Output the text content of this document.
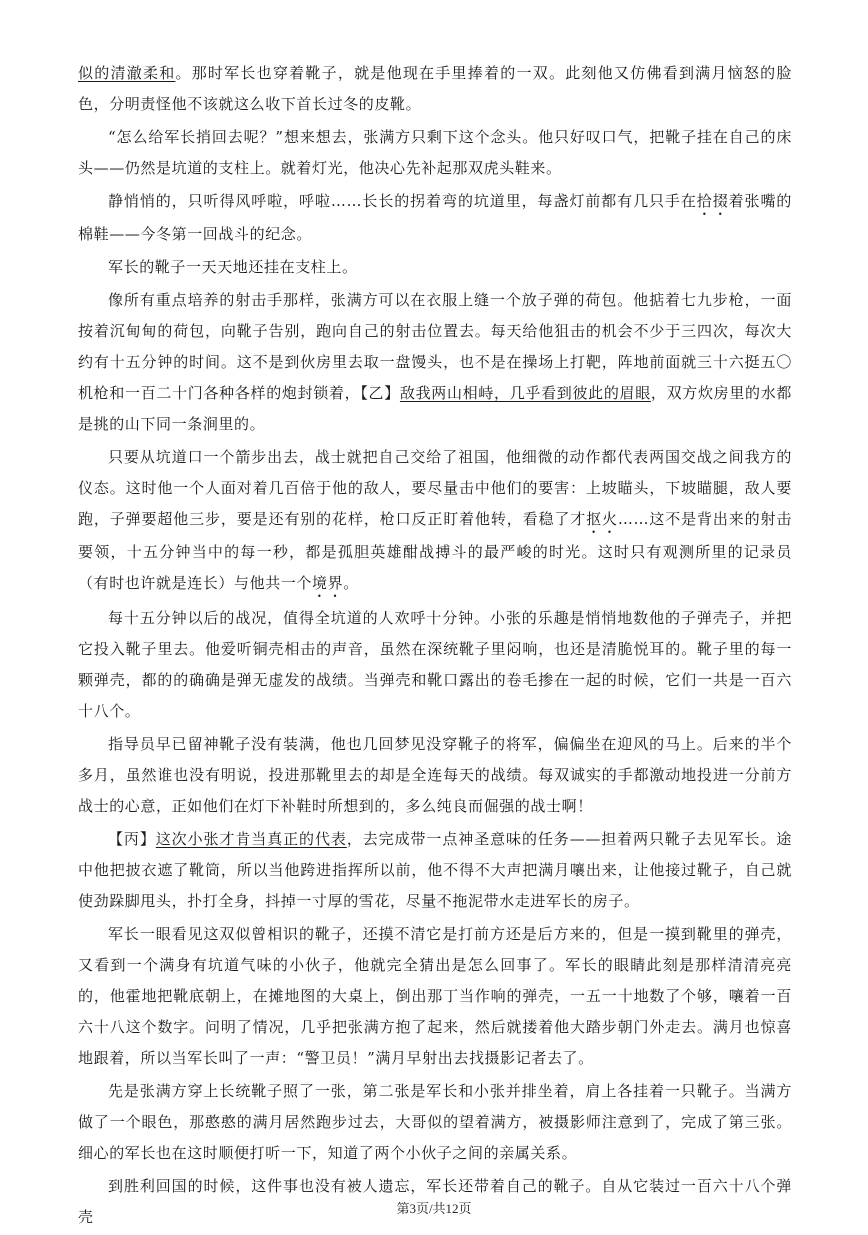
似的清澈柔和。那时军长也穿着靴子，就是他现在手里捧着的一双。此刻他又仿佛看到满月恼怒的脸色，分明责怪他不该就这么收下首长过冬的皮靴。

“怎么给军长捎回去呢？”想来想去，张满方只剩下这个念头。他只好叹口气，把靴子挂在自己的床头——仍然是坑道的支柱上。就着灯光，他决心先补起那双虎头鞋来。

静悄悄的，只听得风呼啦，呼啦……长长的拐着弯的坑道里，每盏灯前都有几只手在拾掇着张嘴的棉鞋——今冬第一回战斗的纪念。

军长的靴子一天天地还挂在支柱上。

像所有重点培养的射击手那样，张满方可以在衣服上缝一个放子弹的荷包。他掂着七九步枪，一面按着沉甸甸的荷包，向靴子告别，跑向自己的射击位置去。每天给他狙击的机会不少于三四次，每次大约有十五分钟的时间。这不是到伙房里去取一盘馒头，也不是在操场上打靶，阵地前面就三十六挺五〇机枪和一百二十门各种各样的炮封锁着，【乙】敌我两山相峙，几乎看到彼此的眉眼，双方炊房里的水都是挑的山下同一条涧里的。

只要从坑道口一个箭步出去，战士就把自己交给了祖国，他细微的动作都代表两国交战之间我方的仪态。这时他一个人面对着几百倍于他的敌人，要尽量击中他们的要害：上坡瞄头，下坡瞄腿，敌人要跑，子弹要超他三步，要是还有别的花样，枪口反正盯着他转，看稳了才抠火……这不是背出来的射击要领，十五分钟当中的每一秒，都是孤胆英雄酣战搏斗的最严峻的时光。这时只有观测所里的记录员（有时也许就是连长）与他共一个境界。

每十五分钟以后的战况，值得全坑道的人欢呼十分钟。小张的乐趣是悄悄地数他的子弹壳子，并把它投入靴子里去。他爱听铜壳相击的声音，虽然在深统靴子里闷响，也还是清脆悦耳的。靴子里的每一颗弹壳，都的的确确是弹无虚发的战绩。当弹壳和靴口露出的卷毛掺在一起的时候，它们一共是一百六十八个。

指导员早已留神靴子没有装满，他也几回梦见没穿靴子的将军，偏偏坐在迎风的马上。后来的半个多月，虽然谁也没有明说，投进那靴里去的却是全连每天的战绩。每双诚实的手都激动地投进一分前方战士的心意，正如他们在灯下补鞋时所想到的，多么纯良而倔强的战士啊！

【丙】这次小张才肯当真正的代表，去完成带一点神圣意味的任务——担着两只靴子去见军长。途中他把披衣遮了靴筒，所以当他跨进指挥所以前，他不得不大声把满月嚷出来，让他接过靴子，自己就使劲跺脚甩头，扑打全身，抖掉一寸厚的雪花，尽量不拖泥带水走进军长的房子。

军长一眼看见这双似曾相识的靴子，还摸不清它是打前方还是后方来的，但是一摸到靴里的弹壳，又看到一个满身有坑道气味的小伙子，他就完全猜出是怎么回事了。军长的眼睛此刻是那样清清亮亮的，他霍地把靴底朝上，在摊地图的大桌上，倒出那丁当作响的弹壳，一五一十地数了个够，嚷着一百六十八这个数字。问明了情况，几乎把张满方抱了起来，然后就搂着他大踏步朝门外走去。满月也惊喜地跟着，所以当军长叫了一声：“警卫员！”满月早射出去找摄影记者去了。

先是张满方穿上长统靴子照了一张，第二张是军长和小张并排坐着，肩上各挂着一只靴子。当满方做了一个眼色，那憨憨的满月居然跑步过去，大哥似的望着满方，被摄影师注意到了，完成了第三张。细心的军长也在这时顺便打听一下，知道了两个小伙子之间的亲属关系。

到胜利回国的时候，这件事也没有被人遗忘，军长还带着自己的靴子。自从它装过一百六十八个弹壳	第3页/共12页
